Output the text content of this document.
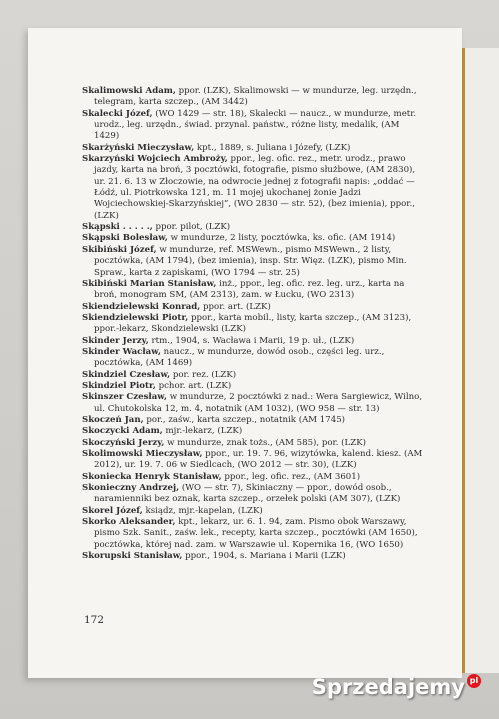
Skalimowski Adam, ppor. (LZK), Skalimowski — w mundurze, leg. urzędn., telegram, karta szczep., (AM 3442)

Skalecki Józef, (WO 1429 — str. 18), Skalecki — naucz., w mundurze, metr. urodz., leg. urzędn., świad. przynal. państw., różne listy, medalik, (AM 1429)

Skarżyński Mieczysław, kpt., 1889, s. Juliana i Józefy, (LZK)

Skarzyński Wojciech Ambroży, ppor., leg. ofic. rez., metr. urodz., prawo jazdy, karta na broń, 3 pocztówki, fotografie, pismo służbowe, (AM 2830), ur. 21. 6. 13 w Złoczowie, na odwrocie jednej z fotografii napis: „oddać — Łódź, ul. Piotrkowska 121, m. 11 mojej ukochanej żonie Jadzi Wojciechowskiej-Skarzyńskiej”, (WO 2830 — str. 52), (bez imienia), ppor., (LZK)

Skąpski . . . . ., ppor. pilot, (LZK)

Skąpski Bolesław, w mundurze, 2 listy, pocztówka, ks. ofic. (AM 1914)

Skibiński Józef, w mundurze, ref. MSWewn., pismo MSWewn., 2 listy, pocztówka, (AM 1794), (bez imienia), insp. Str. Więz. (LZK), pismo Min. Spraw., karta z zapiskami, (WO 1794 — str. 25)

Skibiński Marian Stanisław, inż., ppor., leg. ofic. rez. leg. urz., karta na broń, monogram SM, (AM 2313), zam. w Łucku, (WO 2313)

Skiendzielewski Konrad, ppor. art. (LZK)

Skiendzielewski Piotr, ppor., karta mobil., listy, karta szczep., (AM 3123), ppor.-lekarz, Skondzielewski (LZK)

Skinder Jerzy, rtm., 1904, s. Wacława i Marii, 19 p. uł., (LZK)

Skinder Wacław, naucz., w mundurze, dowód osob., części leg. urz., pocztówka, (AM 1469)

Skindziel Czesław, por. rez. (LZK)

Skindziel Piotr, pchor. art. (LZK)

Skinszer Czesław, w mundurze, 2 pocztówki z nad.: Wera Sargiewicz, Wilno, ul. Chutokolska 12, m. 4, notatnik (AM 1032), (WO 958 — str. 13)

Skoczeń Jan, por., zaśw., karta szczep., notatnik (AM 1745)

Skoczycki Adam, mjr.-lekarz, (LZK)

Skoczyński Jerzy, w mundurze, znak tożs., (AM 585), por. (LZK)

Skolimowski Mieczysław, ppor., ur. 19. 7. 96, wizytówka, kalend. kiesz. (AM 2012), ur. 19. 7. 06 w Siedlcach, (WO 2012 — str. 30), (LZK)

Skoniecka Henryk Stanisław, ppor., leg. ofic. rez., (AM 3601)

Skonieczny Andrzej, (WO — str. 7), Skiniaczny — ppor., dowód osob., naramienniki bez oznak, karta szczep., orzełek polski (AM 307), (LZK)

Skorel Józef, ksiądz, mjr.-kapelan, (LZK)

Skorko Aleksander, kpt., lekarz, ur. 6. 1. 94, zam. Pismo obok Warszawy, pismo Szk. Sanit., zaśw. lek., recepty, karta szczep., pocztówki (AM 1650), pocztówka, której nad. zam. w Warszawie ul. Kopernika 16, (WO 1650)

Skorupski Stanisław, ppor., 1904, s. Mariana i Marii (LZK)

172
Sprzedajemy pl
